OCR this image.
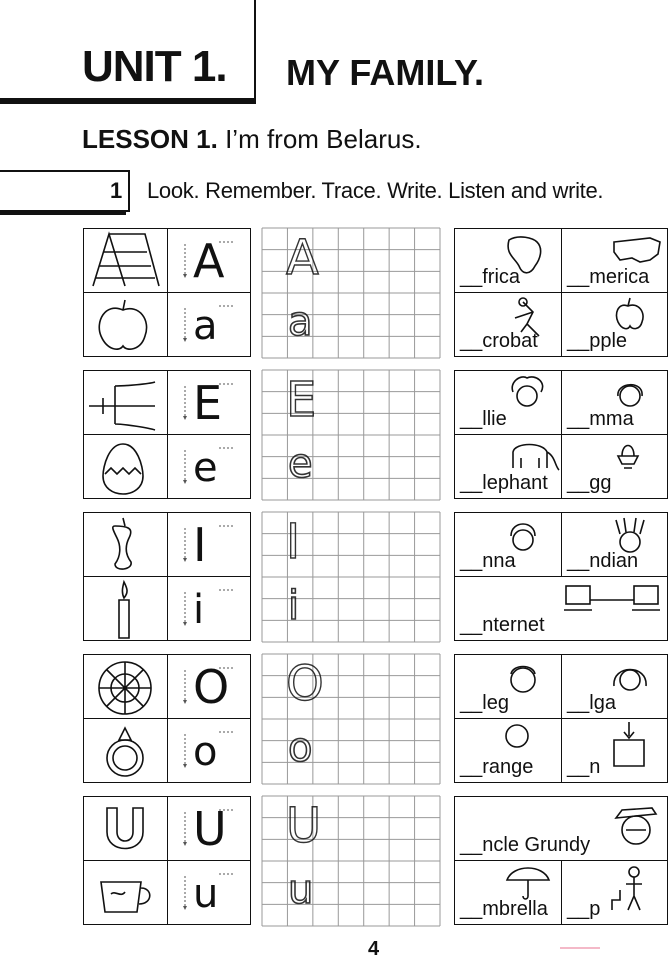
UNIT 1. MY FAMILY.
LESSON 1. I’m from Belarus.
1 Look. Remember. Trace. Write. Listen and write.
A
a
A
a
__frica __merica
__crobat __pple
E
e
E
e
__llie	__mma
__lephant __gg
I
i
I
i
__nna	__ndian
__nternet
O
o
O
o
__leg	__lga
__range __n
U
u
U
u
__ncle Grundy
__mbrella __p
4
